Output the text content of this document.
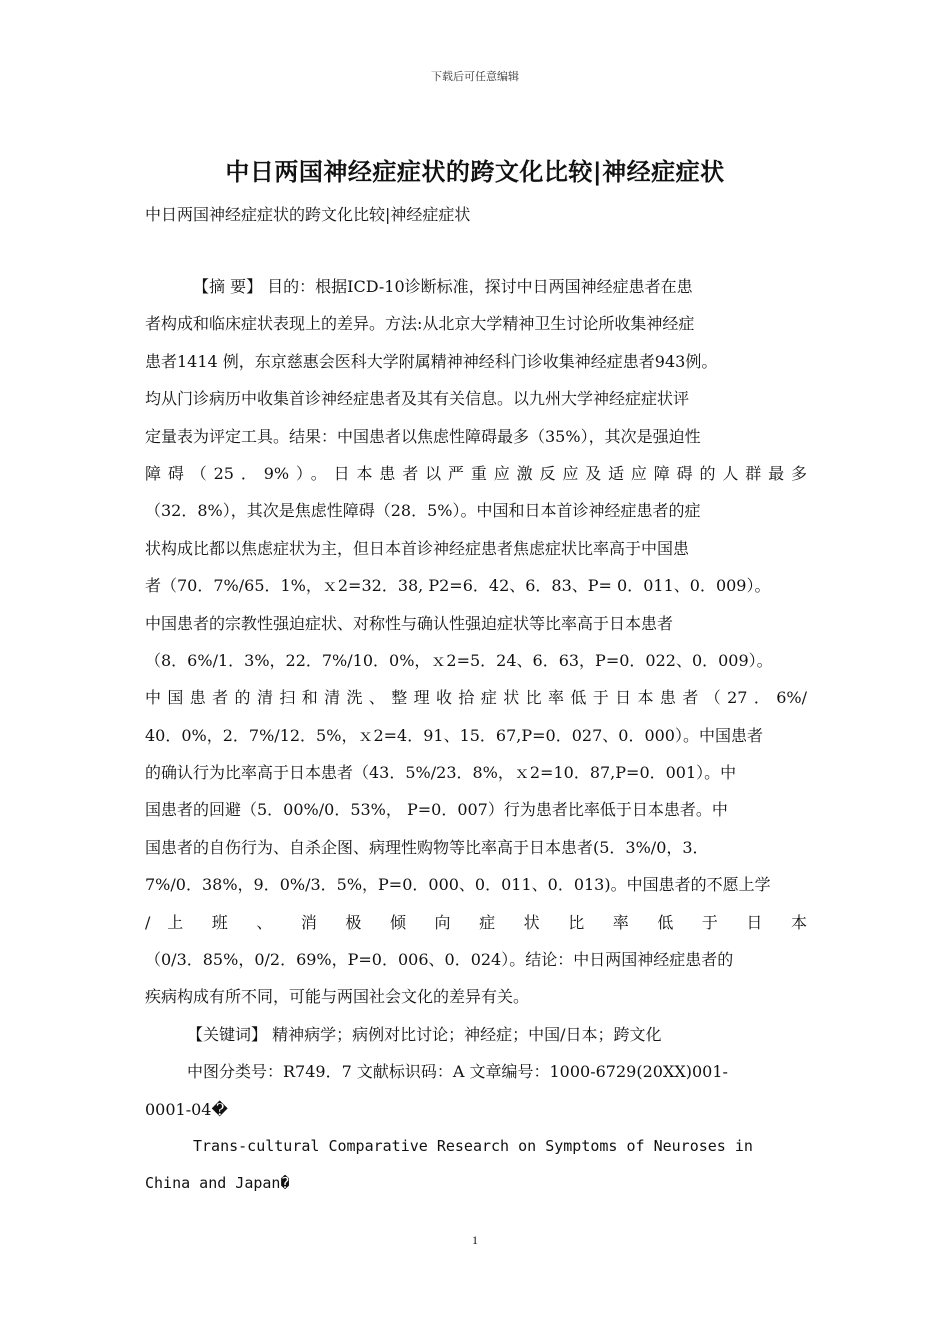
下载后可任意编辑
中日两国神经症症状的跨文化比较|神经症症状
中日两国神经症症状的跨文化比较|神经症症状
【摘 要】 目的：根据ICD-10诊断标准，探讨中日两国神经症患者在患
者构成和临床症状表现上的差异。方法:从北京大学精神卫生讨论所收集神经症
患者1414 例，东京慈惠会医科大学附属精神神经科门诊收集神经症患者943例。
均从门诊病历中收集首诊神经症患者及其有关信息。以九州大学神经症症状评
定量表为评定工具。结果：中国患者以焦虑性障碍最多（35%），其次是强迫性
障碍（25．9%）。日本患者以严重应激反应及适应障碍的人群最多
（32．8%），其次是焦虑性障碍（28．5%）。中国和日本首诊神经症患者的症
状构成比都以焦虑症状为主，但日本首诊神经症患者焦虑症状比率高于中国患
者（70．7%/65．1%，ｘ2=32．38, P2=6．42、6．83、P= 0．011、0．009）。
中国患者的宗教性强迫症状、对称性与确认性强迫症状等比率高于日本患者
（8．6%/1．3%，22．7%/10．0%，ｘ2=5．24、6．63，P=0．022、0．009）。
中国患者的清扫和清洗、整理收拾症状比率低于日本患者（27．6%/
40．0%，2．7%/12．5%，ｘ2=4．91、15．67,P=0．027、0．000）。中国患者
的确认行为比率高于日本患者（43．5%/23．8%，ｘ2=10．87,P=0．001）。中
国患者的回避（5．00%/0．53%， P=0．007）行为患者比率低于日本患者。中
国患者的自伤行为、自杀企图、病理性购物等比率高于日本患者(5．3%/0，3．
7%/0．38%，9．0%/3．5%，P=0．000、0．011、0．013)。中国患者的不愿上学
/ 上 班 、 消 极 倾 向 症 状 比 率 低 于 日 本
（0/3．85%，0/2．69%，P=0．006、0．024）。结论：中日两国神经症患者的
疾病构成有所不同，可能与两国社会文化的差异有关。
【关键词】 精神病学；病例对比讨论；神经症；中国/日本；跨文化
中图分类号：R749．7 文献标识码：A 文章编号：1000-6729(20XX)001-
0001-04�
Trans-cultural Comparative Research on Symptoms of Neuroses in
China and Japan�
1
